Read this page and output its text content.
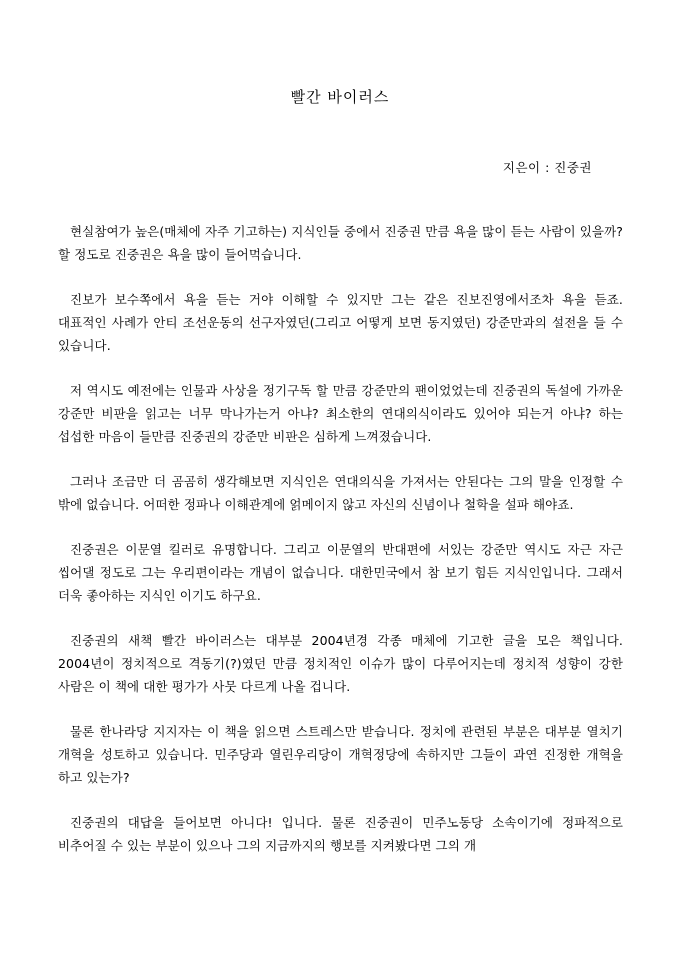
빨간 바이러스
지은이 : 진중권

현실참여가 높은(매체에 자주 기고하는) 지식인들 중에서 진중권 만큼 욕을 많이 듣는 사람이 있을까? 할 정도로 진중권은 욕을 많이 들어먹습니다.

진보가 보수쪽에서 욕을 듣는 거야 이해할 수 있지만 그는 같은 진보진영에서조차 욕을 듣죠. 대표적인 사례가 안티 조선운동의 선구자였던(그리고 어떻게 보면 동지였던) 강준만과의 설전을 들 수 있습니다.

저 역시도 예전에는 인물과 사상을 정기구독 할 만큼 강준만의 팬이었었는데 진중권의 독설에 가까운 강준만 비판을 읽고는 너무 막나가는거 아냐? 최소한의 연대의식이라도 있어야 되는거 아냐? 하는 섭섭한 마음이 들만큼 진중권의 강준만 비판은 심하게 느껴졌습니다.

그러나 조금만 더 곰곰히 생각해보면 지식인은 연대의식을 가져서는 안된다는 그의 말을 인정할 수 밖에 없습니다. 어떠한 정파나 이해관계에 얽메이지 않고 자신의 신념이나 철학을 설파 해야죠.

진중권은 이문열 킬러로 유명합니다. 그리고 이문열의 반대편에 서있는 강준만 역시도 자근 자근 씹어댈 정도로 그는 우리편이라는 개념이 없습니다. 대한민국에서 참 보기 힘든 지식인입니다. 그래서 더욱 좋아하는 지식인 이기도 하구요.

진중권의 새책 빨간 바이러스는 대부분 2004년경 각종 매체에 기고한 글을 모은 책입니다. 2004년이 정치적으로 격동기(?)였던 만큼 정치적인 이슈가 많이 다루어지는데 정치적 성향이 강한 사람은 이 책에 대한 평가가 사뭇 다르게 나올 겁니다.

물론 한나라당 지지자는 이 책을 읽으면 스트레스만 받습니다. 정치에 관련된 부분은 대부분 열치기 개혁을 성토하고 있습니다. 민주당과 열린우리당이 개혁정당에 속하지만 그들이 과연 진정한 개혁을 하고 있는가?

진중권의 대답을 들어보면 아니다! 입니다. 물론 진중권이 민주노동당 소속이기에 정파적으로 비추어질 수 있는 부분이 있으나 그의 지금까지의 행보를 지켜봤다면 그의 개
